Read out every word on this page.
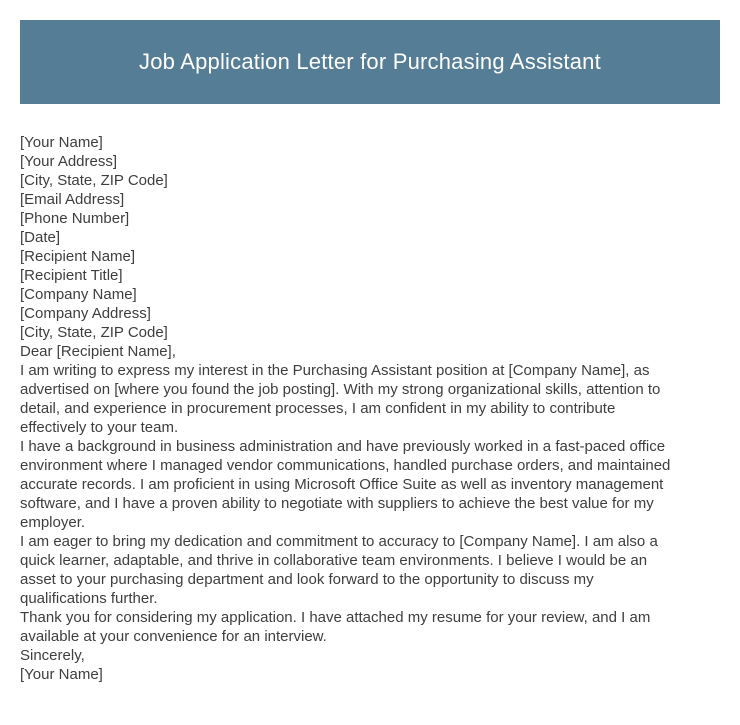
Job Application Letter for Purchasing Assistant
[Your Name]
[Your Address]
[City, State, ZIP Code]
[Email Address]
[Phone Number]
[Date]
[Recipient Name]
[Recipient Title]
[Company Name]
[Company Address]
[City, State, ZIP Code]
Dear [Recipient Name],
I am writing to express my interest in the Purchasing Assistant position at [Company Name], as
advertised on [where you found the job posting]. With my strong organizational skills, attention to
detail, and experience in procurement processes, I am confident in my ability to contribute
effectively to your team.
I have a background in business administration and have previously worked in a fast-paced office
environment where I managed vendor communications, handled purchase orders, and maintained
accurate records. I am proficient in using Microsoft Office Suite as well as inventory management
software, and I have a proven ability to negotiate with suppliers to achieve the best value for my
employer.
I am eager to bring my dedication and commitment to accuracy to [Company Name]. I am also a
quick learner, adaptable, and thrive in collaborative team environments. I believe I would be an
asset to your purchasing department and look forward to the opportunity to discuss my
qualifications further.
Thank you for considering my application. I have attached my resume for your review, and I am
available at your convenience for an interview.
Sincerely,
[Your Name]
